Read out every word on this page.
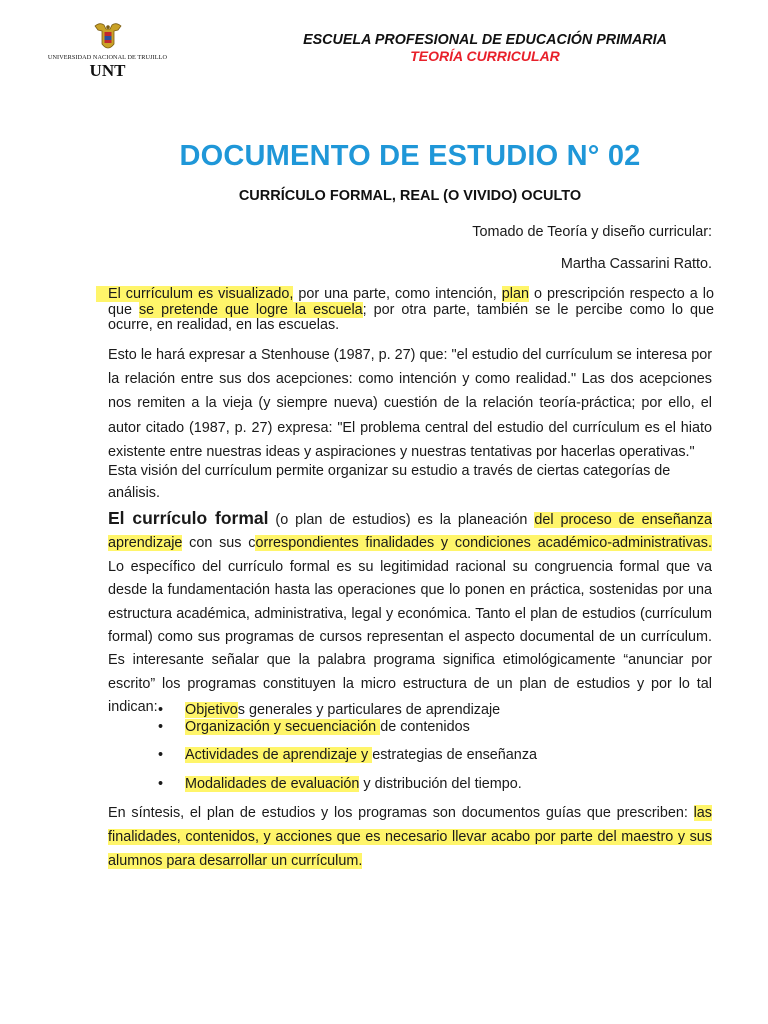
UNIVERSIDAD NACIONAL DE TRUJILLO
UNT
ESCUELA PROFESIONAL DE EDUCACIÓN PRIMARIA
TEORÍA CURRICULAR
DOCUMENTO DE ESTUDIO N° 02
CURRÍCULO FORMAL, REAL (O VIVIDO) OCULTO
Tomado de Teoría y diseño curricular:
Martha Cassarini Ratto.
El currículum es visualizado, por una parte, como intención, plan o prescripción respecto a lo que se pretende que logre la escuela; por otra parte, también se le percibe como lo que ocurre, en realidad, en las escuelas.
Esto le hará expresar a Stenhouse (1987, p. 27) que: "el estudio del currículum se interesa por la relación entre sus dos acepciones: como intención y como realidad." Las dos acepciones nos remiten a la vieja (y siempre nueva) cuestión de la relación teoría-práctica; por ello, el autor citado (1987, p. 27) expresa: "El problema central del estudio del currículum es el hiato existente entre nuestras ideas y aspiraciones y nuestras tentativas por hacerlas operativas."
Esta visión del currículum permite organizar su estudio a través de ciertas categorías de análisis.
El currículo formal (o plan de estudios) es la planeación del proceso de enseñanza aprendizaje con sus correspondientes finalidades y condiciones académico-administrativas. Lo específico del currículo formal es su legitimidad racional su congruencia formal que va desde la fundamentación hasta las operaciones que lo ponen en práctica, sostenidas por una estructura académica, administrativa, legal y económica. Tanto el plan de estudios (currículum formal) como sus programas de cursos representan el aspecto documental de un currículum. Es interesante señalar que la palabra programa significa etimológicamente “anunciar por escrito” los programas constituyen la micro estructura de un plan de estudios y por lo tal indican: • Objetivos generales y particulares de aprendizaje
• Organización y secuenciación de contenidos
• Actividades de aprendizaje y estrategias de enseñanza
• Modalidades de evaluación y distribución del tiempo.
En síntesis, el plan de estudios y los programas son documentos guías que prescriben: las finalidades, contenidos, y acciones que es necesario llevar acabo por parte del maestro y sus alumnos para desarrollar un currículum.
